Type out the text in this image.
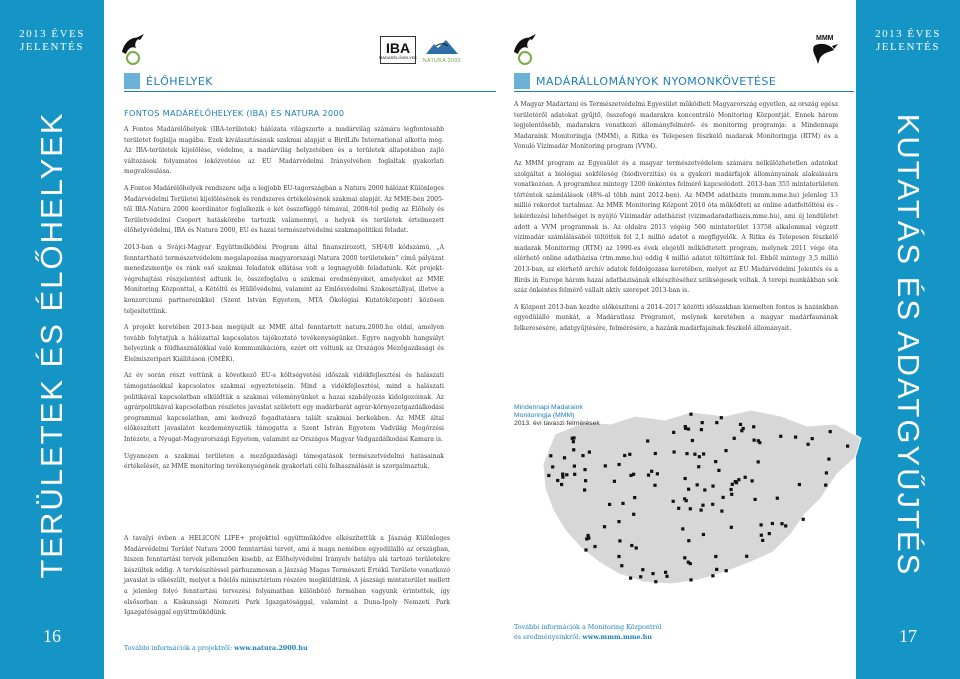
2013 ÉVES
JELENTÉS
TERÜLETEK ÉS ÉLŐHELYEK
16
2013 ÉVES
JELENTÉS
KUTATÁS ÉS ADATGYŰJTÉS
17
IBA
MADÁRÉLŐHELYEK
NATURA 2000
MMM
ÉLŐHELYEK	MADÁRÁLLOMÁNYOK NYOMONKÖVETÉSE
FONTOS MADÁRÉLŐHELYEK (IBA) ÉS NATURA 2000

A Fontos Madárélőhelyek (IBA-területek) hálózata világszerte a madárvilág számára legfontosabb területet foglalja magába. Ezek kiválasztásának szakmai alapját a BirdLife International alkotta meg. Az IBA-területek kijelölése, védelme, a madárvilág helyzetében és a területek állapotában zajló változások folyamatos leközvetése az EU Madárvédelmi Irányelvében foglaltak gyakorlati megvalósulása.

A Fontos Madárélőhelyek rendszere adja a legjobb EU-tagországban a Natura 2000 hálózat Különleges Madárvédelmi Területei kijelölésének és rendszeres értékelésének szakmai alapját. Az MME-ben 2005-től IBA-Natura 2000 koordinátor foglalkozik e két összefüggő témával, 2008-tól pedig az Élőhely és Területvédelmi Csoport hatáskörébe tartozik valamennyi, a helyek és területek értelmezett élőhelyvédelmi, IBA és Natura 2000, EU és hazai természetvédelmi szakmapolitikai feladat.

2013-ban a Svájci-Magyar Együttműködési Program által finanszírozott, SH/4/8 kódszámú, „A fenntartható természetvédelem megalapozása magyarországi Natura 2000 területeken” című pályázat menedzsmentje és ránk eső szakmai feladatok ellátása volt a legnagyobb feladatunk. Két projekt-végrehajtási részjelentést adtunk le, összefoglalva a szakmai eredményeket, amelyeket az MME Monitoring Központtal, a Kétéltű és Hüllővédelmi, valamint az Emlősvédelmi Szakosztállyal, illetve a konzorciumi partnereinkkel (Szent István Egyetem, MTA Ökológiai Kutatóközpont) közösen teljesítettünk.

A projekt keretében 2013-ban megújult az MME által fenntartott natura.2000.hu oldal, amelyen tovább folytatjuk a hálózattal kapcsolatos tájékoztató tevékenységünket. Egyre nagyobb hangsúlyt helyezünk a földhasználókkal való kommunikációra, ezért ott voltunk az Országos Mezőgazdasági és Élelmiszeripari Kiállításon (OMÉK).

Az év során részt vettünk a következő EU-s költségvetési időszak vidékfejlesztési és halászati támogatásokkal kapcsolatos szakmai egyeztetésein. Mind a vidékfejlesztési, mind a halászati politikával kapcsolatban elküldtük a szakmai véleményünket a hazai szabályozás kidolgozóinak. Az agrárpolitikával kapcsolatban részletes javaslat született egy madárbarát agrár-környezetgazdálkodási programmal kapcsolatban, ami kedvező fogadtatásra talált szakmai berkekben. Az MME által előkészített javaslatot kezdeményeztük támogatta a Szent István Egyetem Vadvilág Megőrzési Intézete, a Nyugat-Magyarországi Egyetem, valamint az Országos Magyar Vadgazdálkodási Kamara is.

Ugyanezen a szakmai területen a mezőgazdasági támogatások természetvédelmi hatásainak értékelését, az MME monitoring tevékenységének gyakorlati célú felhasználását is szorgalmaztuk.

A tavalyi évben a HELICON LIFE+ projekttel együttműködve elkészítettük a Jászság Különleges Madárvédelmi Terület Natura 2000 fenntartási tervét, ami a maga nemében egyedülálló az országban, hiszen fenntartási tervek jellemzően kisebb, az Élőhelyvédelmi Irányelv hatálya alá tartozó területekre készültek eddig. A tervkészítéssel párhuzamosan a Jászság Magas Természeti Értékű Területe vonatkozó javaslat is elkészült, melyet a felelős minisztérium részére megküldtünk. A jászsági mintaterület mellett a jelenleg folyó fenntartási tervezési folyamatban különböző formában vagyunk érintettek, így elsősorban a Kiskunsági Nemzeti Park Igazgatósággal, valamint a Duna-Ipoly Nemzeti Park Igazgatósággal együttműködünk.

További információk a projektről: www.natura.2000.hu

A Magyar Madártani és Természetvédelmi Egyesület működteti Magyarország egyetlen, az ország egész területéről adatokat gyűjtő, összefogó madarakra koncentráló Monitoring Központját. Ennek három legjelentősebb, madarakra vonatkozó állományfelmérő- és monitoring programja: a Mindennapi Madaraink Monitoringja (MMM), a Ritka és Telepesen fészkelő madarak Monitoringja (RTM) és a Vonuló Vízimadár Monitoring program (VVM).

Az MMM program az Egyesület és a magyar természetvédelem számára nélkülözhetetlen adatokat szolgáltat a biológiai sokféleség (biodiverzitás) és a gyakori madárfajok állományainak alakulására vonatkozóan. A programhoz mintegy 1200 önkéntes felmérő kapcsolódott. 2013-ban 355 mintaterületen történtek számlálások (48%-al több mint 2012-ben). Az MMM adatbázis (mmm.mme.hu) jelenleg 13 millió rekordot tartalmaz. Az MME Monitoring Központ 2010 óta működteti az online adatfeltöltési és -lekérdezési lehetőséget is nyújtó Vízimadár adatbázist (vizimadaradatbazis.mme.hu), ami új lendületet adott a VVM programnak is. Az oldalra 2013 végéig 560 mintaterület 13758 alkalommal végzett vízimadár számlálásából töltöttek fel 2,1 millió adatot a megfigyelők. A Ritka és Telepesen fészkelő madarak Monitoring (RTM) az 1990-es évek elejétől működtetett program, melynek 2011 vége óta elérhető online adatbázisa (rtm.mme.hu) eddig 4 millió adatot töltöttünk fel. Ebből mintegy 3,5 millió 2013-ban, az elérhető archív adatok feldolgozása keretében, melyet az EU Madárvédelmi Jelentés és a Birds in Europe három hazai adatbázisának elkészítéséhez szükségesek voltak. A terepi munkákban sok száz önkéntes felmérő vállalt aktív szerepet 2013-ban is.

A Központ 2013-ban kezdte előkészíteni a 2014–2017 közötti időszakban kiemelten fontos is hazánkban egyedülálló munkát, a Madáratlasz Programot, melynek keretében a magyar madárfaunának felkeresésére, adatgyűjtésére, felmérésére, a hazánk madárfajainak fészkelő állományait.

Mindennapi Madaraink
Monitoringja (MMM)
2013. évi tavaszi felmérések
További információk a Monitoring Központról
és eredményeinkről: www.mmm.mme.hu
